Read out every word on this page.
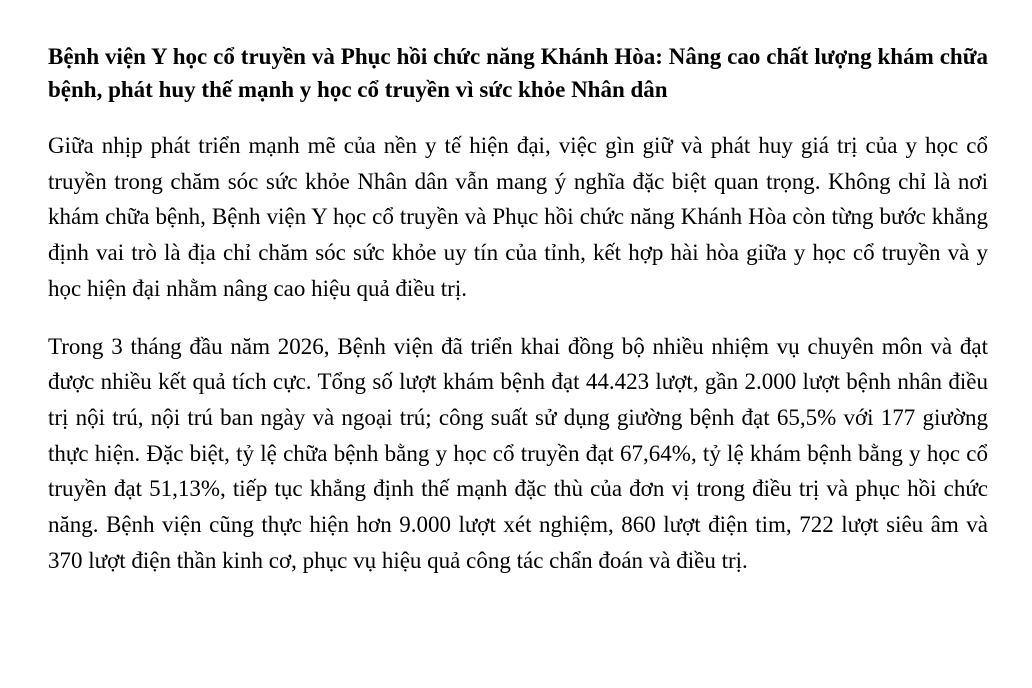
Bệnh viện Y học cổ truyền và Phục hồi chức năng Khánh Hòa: Nâng cao chất lượng khám chữa bệnh, phát huy thế mạnh y học cổ truyền vì sức khỏe Nhân dân

Giữa nhịp phát triển mạnh mẽ của nền y tế hiện đại, việc gìn giữ và phát huy giá trị của y học cổ truyền trong chăm sóc sức khỏe Nhân dân vẫn mang ý nghĩa đặc biệt quan trọng. Không chỉ là nơi khám chữa bệnh, Bệnh viện Y học cổ truyền và Phục hồi chức năng Khánh Hòa còn từng bước khẳng định vai trò là địa chỉ chăm sóc sức khỏe uy tín của tỉnh, kết hợp hài hòa giữa y học cổ truyền và y học hiện đại nhằm nâng cao hiệu quả điều trị.

Trong 3 tháng đầu năm 2026, Bệnh viện đã triển khai đồng bộ nhiều nhiệm vụ chuyên môn và đạt được nhiều kết quả tích cực. Tổng số lượt khám bệnh đạt 44.423 lượt, gần 2.000 lượt bệnh nhân điều trị nội trú, nội trú ban ngày và ngoại trú; công suất sử dụng giường bệnh đạt 65,5% với 177 giường thực hiện. Đặc biệt, tỷ lệ chữa bệnh bằng y học cổ truyền đạt 67,64%, tỷ lệ khám bệnh bằng y học cổ truyền đạt 51,13%, tiếp tục khẳng định thế mạnh đặc thù của đơn vị trong điều trị và phục hồi chức năng. Bệnh viện cũng thực hiện hơn 9.000 lượt xét nghiệm, 860 lượt điện tim, 722 lượt siêu âm và 370 lượt điện thần kinh cơ, phục vụ hiệu quả công tác chẩn đoán và điều trị.
